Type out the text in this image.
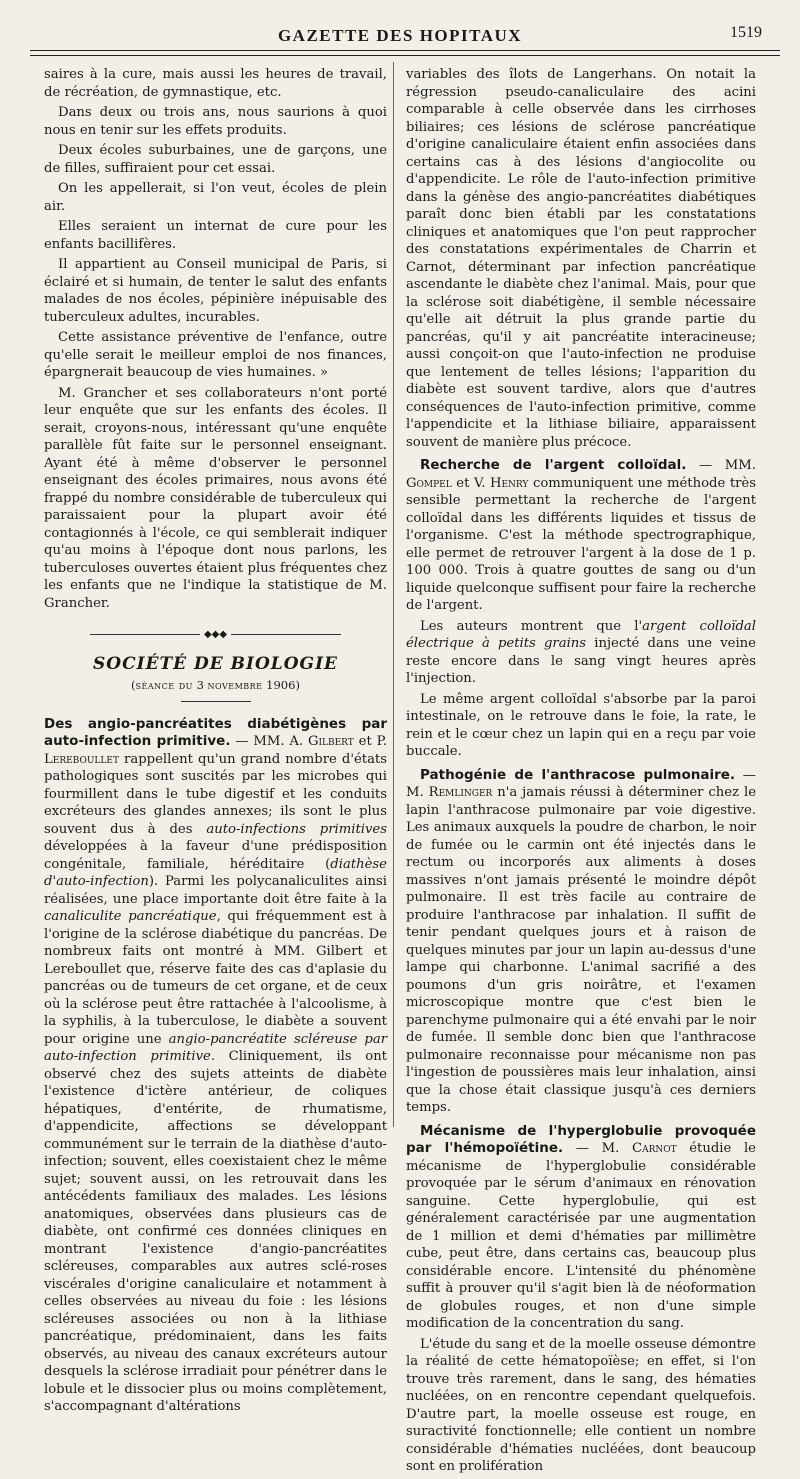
GAZETTE DES HOPITAUX	1519

saires à la cure, mais aussi les heures de travail, de récréation, de gymnastique, etc.

Dans deux ou trois ans, nous saurions à quoi nous en tenir sur les effets produits.

Deux écoles suburbaines, une de garçons, une de filles, suffiraient pour cet essai.

On les appellerait, si l'on veut, écoles de plein air.

Elles seraient un internat de cure pour les enfants bacillifères.

Il appartient au Conseil municipal de Paris, si éclairé et si humain, de tenter le salut des enfants malades de nos écoles, pépinière inépuisable des tuberculeux adultes, incurables.

Cette assistance préventive de l'enfance, outre qu'elle serait le meilleur emploi de nos finances, épargnerait beaucoup de vies humaines. »

M. Grancher et ses collaborateurs n'ont porté leur enquête que sur les enfants des écoles. Il serait, croyons-nous, intéressant qu'une enquête parallèle fût faite sur le personnel enseignant. Ayant été à même d'observer le personnel enseignant des écoles primaires, nous avons été frappé du nombre considérable de tuberculeux qui paraissaient pour la plupart avoir été contagionnés à l'école, ce qui semblerait indiquer qu'au moins à l'époque dont nous parlons, les tuberculoses ouvertes étaient plus fréquentes chez les enfants que ne l'indique la statistique de M. Grancher.

◆◆◆
SOCIÉTÉ DE BIOLOGIE
(séance du 3 novembre 1906)

Des angio-pancréatites diabétigènes par auto-infection primitive. — MM. A. Gilbert et P. Lereboullet rappellent qu'un grand nombre d'états pathologiques sont suscités par les microbes qui fourmillent dans le tube digestif et les conduits excréteurs des glandes annexes; ils sont le plus souvent dus à des auto-infections primitives développées à la faveur d'une prédisposition congénitale, familiale, héréditaire (diathèse d'auto-infection). Parmi les polycanaliculites ainsi réalisées, une place importante doit être faite à la canaliculite pancréatique, qui fréquemment est à l'origine de la sclérose diabétique du pancréas. De nombreux faits ont montré à MM. Gilbert et Lereboullet que, réserve faite des cas d'aplasie du pancréas ou de tumeurs de cet organe, et de ceux où la sclérose peut être rattachée à l'alcoolisme, à la syphilis, à la tuberculose, le diabète a souvent pour origine une angio-pancréatite scléreuse par auto-infection primitive. Cliniquement, ils ont observé chez des sujets atteints de diabète l'existence d'ictère antérieur, de coliques hépatiques, d'entérite, de rhumatisme, d'appendicite, affections se développant communément sur le terrain de la diathèse d'auto-infection; souvent, elles coexistaient chez le même sujet; souvent aussi, on les retrouvait dans les antécédents familiaux des malades. Les lésions anatomiques, observées dans plusieurs cas de diabète, ont confirmé ces données cliniques en montrant l'existence d'angio-pancréatites scléreuses, comparables aux autres sclé-roses viscérales d'origine canaliculaire et notamment à celles observées au niveau du foie : les lésions scléreuses associées ou non à la lithiase pancréatique, prédominaient, dans les faits observés, au niveau des canaux excréteurs autour desquels la sclérose irradiait pour pénétrer dans le lobule et le dissocier plus ou moins complètement, s'accompagnant d'altérations

variables des îlots de Langerhans. On notait la régression pseudo-canaliculaire des acini comparable à celle observée dans les cirrhoses biliaires; ces lésions de sclérose pancréatique d'origine canaliculaire étaient enfin associées dans certains cas à des lésions d'angiocolite ou d'appendicite. Le rôle de l'auto-infection primitive dans la génèse des angio-pancréatites diabétiques paraît donc bien établi par les constatations cliniques et anatomiques que l'on peut rapprocher des constatations expérimentales de Charrin et Carnot, déterminant par infection pancréatique ascendante le diabète chez l'animal. Mais, pour que la sclérose soit diabétigène, il semble nécessaire qu'elle ait détruit la plus grande partie du pancréas, qu'il y ait pancréatite interacineuse; aussi conçoit-on que l'auto-infection ne produise que lentement de telles lésions; l'apparition du diabète est souvent tardive, alors que d'autres conséquences de l'auto-infection primitive, comme l'appendicite et la lithiase biliaire, apparaissent souvent de manière plus précoce.

Recherche de l'argent colloïdal. — MM. Gompel et V. Henry communiquent une méthode très sensible permettant la recherche de l'argent colloïdal dans les différents liquides et tissus de l'organisme. C'est la méthode spectrographique, elle permet de retrouver l'argent à la dose de 1 p. 100 000. Trois à quatre gouttes de sang ou d'un liquide quelconque suffisent pour faire la recherche de l'argent.

Les auteurs montrent que l'argent colloïdal électrique à petits grains injecté dans une veine reste encore dans le sang vingt heures après l'injection.

Le même argent colloïdal s'absorbe par la paroi intestinale, on le retrouve dans le foie, la rate, le rein et le cœur chez un lapin qui en a reçu par voie buccale.

Pathogénie de l'anthracose pulmonaire. — M. Remlinger n'a jamais réussi à déterminer chez le lapin l'anthracose pulmonaire par voie digestive. Les animaux auxquels la poudre de charbon, le noir de fumée ou le carmin ont été injectés dans le rectum ou incorporés aux aliments à doses massives n'ont jamais présenté le moindre dépôt pulmonaire. Il est très facile au contraire de produire l'anthracose par inhalation. Il suffit de tenir pendant quelques jours et à raison de quelques minutes par jour un lapin au-dessus d'une lampe qui charbonne. L'animal sacrifié a des poumons d'un gris noirâtre, et l'examen microscopique montre que c'est bien le parenchyme pulmonaire qui a été envahi par le noir de fumée. Il semble donc bien que l'anthracose pulmonaire reconnaisse pour mécanisme non pas l'ingestion de poussières mais leur inhalation, ainsi que la chose était classique jusqu'à ces derniers temps.

Mécanisme de l'hyperglobulie provoquée par l'hémopoïétine. — M. Carnot étudie le mécanisme de l'hyperglobulie considérable provoquée par le sérum d'animaux en rénovation sanguine. Cette hyperglobulie, qui est généralement caractérisée par une augmentation de 1 million et demi d'hématies par millimètre cube, peut être, dans certains cas, beaucoup plus considérable encore. L'intensité du phénomène suffit à prouver qu'il s'agit bien là de néoformation de globules rouges, et non d'une simple modification de la concentration du sang.

L'étude du sang et de la moelle osseuse démontre la réalité de cette hématopoïèse; en effet, si l'on trouve très rarement, dans le sang, des hématies nucléées, on en rencontre cependant quelquefois. D'autre part, la moelle osseuse est rouge, en suractivité fonctionnelle; elle contient un nombre considérable d'hématies nucléées, dont beaucoup sont en prolifération
